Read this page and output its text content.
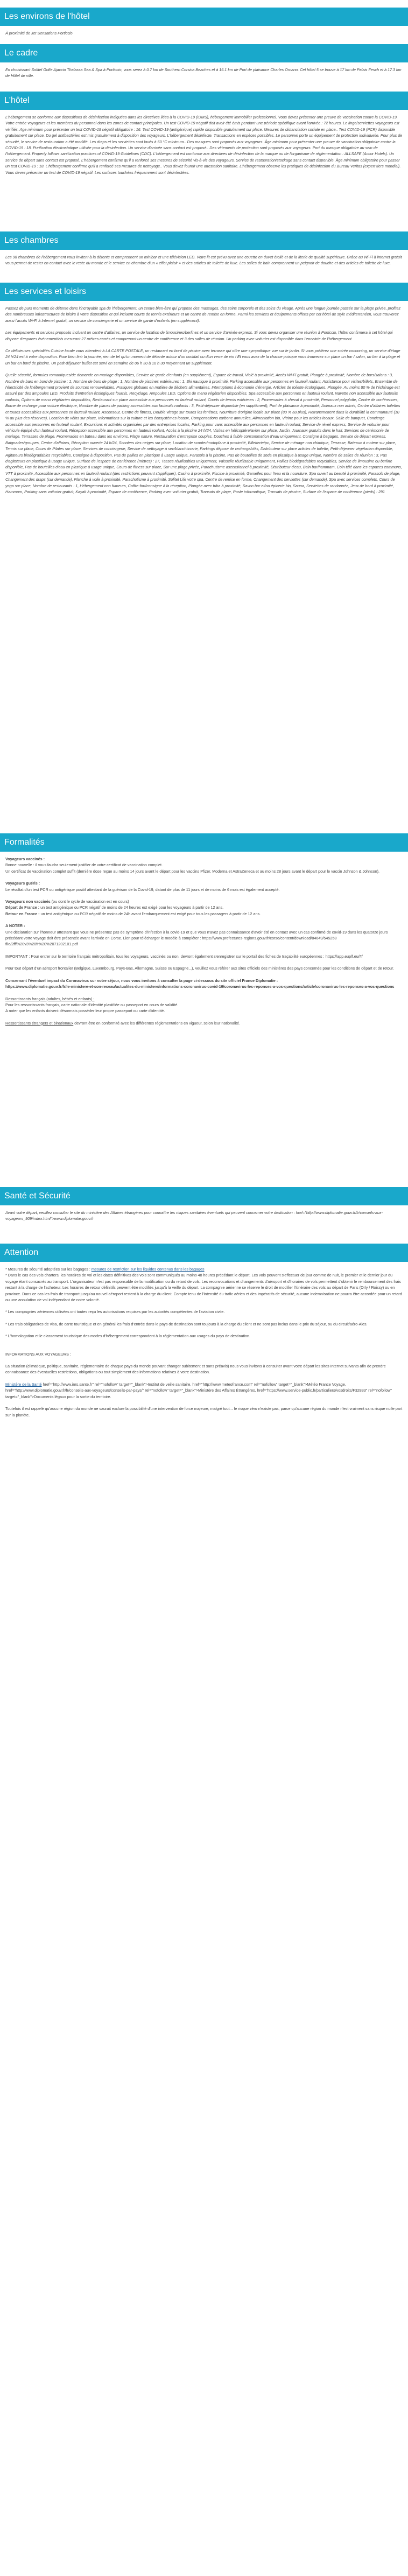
Les environs de l'hôtel

À proximité de Jet Sensations Porticcio

Le cadre

En choisissant Sofitel Golfe Ajaccio Thalassa Sea & Spa à Porticcio, vous serez à 0.7 km de Southern Corsica Beaches et à 16.1 km de Port de plaisance Charles Ornano. Cet hôtel 5 se trouve à 17 km de Palais Fesch et à 17.3 km de Hôtel de ville.

L'hôtel

L'hébergement se conforme aux dispositions de désinfection indiquées dans les directives liées à la COVID-19 (IDMS), hébergement immobilier professionnel. Vous devez présenter une preuve de vaccination contre la COVID-19. Votre entrée voyageurs et les membres du personnel dans les zones de contact principales. Un test COVID-19 négatif doit avoir été émis pendant une période spécifique avant l'arrivée : 72 heures. Le linge/serviettes voyageurs est vérifiés. Age minimum pour présenter un test COVID-19 négatif obligatoire : 16. Test COVID-19 (antigénique) rapide disponible gratuitement sur place. Mesures de distanciation sociale en place.. Test COVID-19 (PCR) disponible gratuitement sur place. Du gel antibactérien est mis gratuitement à disposition des voyageurs. L'hébergement désinfecte. Transactions en espèces possibles. Le personnel porte un équipement de protection individuelle. Pour plus de sécurité, le service de restauration a été modifié. Les draps et les serviettes sont lavés à 60 °C minimum.. Des masques sont proposés aux voyageurs. Âge minimum pour présenter une preuve de vaccination obligatoire contre la COVID-19 : 18. Purification électrostatique utilisée pour la désinfection. Un service d'arrivée sans contact est proposé.. Des vêtements de protection sont proposés aux voyageurs. Port du masque obligatoire au sein de l'hébergement. Property follows sanitization practices of COVID-19 Guidelines (CDC). L'hébergement est conforme aux directives de désinfection de la marque ou de l'organisme de réglementation : ALLSAFE (Accor Hotels). Un service de départ sans contact est proposé. L'hébergement confirme qu'il a renforcé ses mesures de sécurité vis-à-vis des voyageurs. Service de restauration/stockage sans contact disponible. Âge minimum obligatoire pour passer un test COVID-19 : 18. L'hébergement confirme qu'il a renforcé ses mesures de nettoyage.. Vous devez fournir une attestation sanitaire. L'hébergement observe les pratiques de désinfection du Bureau Veritas (expert tiers mondial). Vous devez présenter un test de COVID-19 négatif. Les surfaces touchées fréquemment sont désinfectées.

Les chambres

Les 98 chambres de l'hébergement vous invitent à la détente et comprennent un minibar et une télévision LED. Votre lit est prévu avec une couette en duvet étoilé et de la literie de qualité supérieure. Grâce au Wi-Fi à internet gratuit vous permet de rester en contact avec le reste du monde et le service en chambre d'un « effet plaisir » et des articles de toilette de luxe. Les salles de bain comprennent un peignoir de douche et des articles de toilette de luxe.

Les services et loisirs

Passez de purs moments de détente dans l'incroyable spa de l'hébergement, un centre bien-être qui propose des massages, des soins corporels et des soins du visage. Après une longue journée passée sur la plage privée, profitez des nombreuses infrastructures de loisirs à votre disposition et qui incluent courts de tennis extérieurs et un centre de remise en forme. Parmi les services et équipements offerts par cet hôtel de style méditerranéen, vous trouverez aussi l'accès Wi-Fi à Internet gratuit, un service de conciergerie et un service de garde d'enfants (en supplément).

Les équipements et services proposés incluent un centre d'affaires, un service de location de limousines/berlines et un service d'arrivée express. Si vous devez organiser une réunion à Porticcio, l'hôtel confirmera à cet hôtel qui dispose d'espaces événementiels mesurant 27 mètres carrés et comprenant un centre de conférence et 3 des salles de réunion. Un parking avec voiturier est disponible dans l'enceinte de l'hébergement.

Ce délicieuses spécialités Cuisine locale vous attendent à LA CARTE POSTALE, un restaurant en bord de piscine avec terrasse qui offre une sympathique vue sur le jardin. Si vous préférez une soirée cocooning, un service d'étage 24 h/24 est à votre disposition. Pour bien finir la journée, rien de tel qu'un moment de détente autour d'un cocktail ou d'un verre de vin ! Et vous avez de la chance puisque vous trouverez sur place un bar / salon, un bar à la plage et un bar en bord de piscine. Un petit-déjeuner buffet est servi en semaine de 06 h 30 à 10 h 30 moyennant un supplément.

Quelle sécurité, formules romantiques/de demande en mariage disponibles, Service de garde d'enfants (en supplément), Espace de travail, Violé à proximité, Accès Wi-Fi gratuit, Plongée à proximité, Nombre de bars/salons : 3, Nombre de bars en bord de piscine : 1, Nombre de bars de plage : 1, Nombre de piscines extérieures : 1, Ski nautique à proximité, Parking accessible aux personnes en fauteuil roulant, Assistance pour visites/billets, Ensemble de l'électricité de l'hébergement provient de sources renouvelables, Pratiques globales en matière de déchets alimentaires, Interruptions à économie d'énergie, Articles de toilette écologiques, Plongée, Au moins 80 % de l'éclairage est assuré par des ampoules LED, Produits d'entretien écologiques fournis, Recyclage, Ampoules LED, Options de menu végétarien disponibles, Spa accessible aux personnes en fauteuil roulant, Navette non accessible aux fauteuils roulants, Options de menu végétarien disponibles, Restaurant sur place accessible aux personnes en fauteuil roulant, Courts de tennis extérieurs : 2, Promenades à cheval à proximité, Personnel polyglotte, Centre de conférences, Borne de recharge pour voiture électrique, Nombre de places de parking accessibles aux fauteuils roulants : 3, Petit-déjeuner disponible (en supplément), Port de plaisance à proximité, Animaux non admis, Centre d'affaires toilettes et toutes accessibles aux personnes en fauteuil roulant, Ascenseur, Centre de fitness, Double vitrage sur toutes les fenêtres, Nourriture d'origine locale sur place (80 % au plus), Retransmettent dans la durabilité la communauté (10 % au plus des réserves), Location de vélos sur place, Informations sur la culture et les écosystèmes locaux, Compensations carbone annuelles, Alimentation bio, Vitrine pour les articles locaux, Salle de banquet, Concierge accessible aux personnes en fauteuil roulant, Excursions et activités organisées par des entreprises locales, Parking pour vans accessible aux personnes en fauteuil roulant, Service de réveil express, Service de voiturier pour véhicule équipé d'un fauteuil roulant, Réception accessible aux personnes en fauteuil roulant, Accès à la piscine 24 h/24, Visites en hélicoptère/avion sur place, Jardin, Journaux gratuits dans le hall, Services de cérémonie de mariage, Terrasses de plage, Promenades en bateau dans les environs, Plage nature, Restauration d'entreprise couples, Douches à faible consommation d'eau uniquement, Consigne à bagages, Service de départ express, Baignades/groupes, Centre d'affaires, Réception ouverte 24 h/24, Scooters des neiges sur place, Location de scooter/motoplane à proximité, Billetterie/pc, Service de ménage non chimique, Terrasse, Bateaux à moteur sur place, Tennis sur place, Cours de Pilates sur place, Services de conciergerie, Service de nettoyage à sec/blanchisserie, Parkings dépose de recharge/clés, Distributeur sur place articles de toilette, Petit-déjeuner végétarien disponible, Agitateurs biodégradables recyclables, Consigne à disposition, Pas de pailles en plastique à usage unique, Parasols à la piscine, Pas de bouteilles de soda en plastique à usage unique, Nombre de salles de réunion : 3, Pas d'agitateurs en plastique à usage unique, Surface de l'espace de conférence (mètres) : 27, Tasses réutilisables uniquement, Vaisselle réutilisable uniquement, Pailles biodégradables recyclables, Service de limousine ou berline disponible, Pas de bouteilles d'eau en plastique à usage unique, Cours de fitness sur place, Sur une plage privée, Parachutisme ascensionnel à proximité, Distributeur d'eau, Bain bar/hammam, Coin télé dans les espaces communs, VTT à proximité, Accessible aux personnes en fauteuil roulant (des restrictions peuvent s'appliquer), Casino à proximité, Piscine à proximité, Gamelles pour l'eau et la nourriture, Spa ouvert au beauté à proximité, Parasols de plage, Changement des draps (sur demande), Planche à voile à proximité, Parachutisme à proximité, Sofitel Life votre spa, Centre de remise en forme, Changement des serviettes (sur demande), Spa avec services complets, Cours de yoga sur place, Nombre de restaurants : 1, Hébergement non fumeurs, Coffre-fort/consigne à la réception, Plongée avec tuba à proximité, Savon bar et/ou épicerie bio, Sauna, Serviettes de randonnée, Jeux de bord à proximité, Hammam, Parking sans voiturier gratuit, Kayak à proximité, Espace de conférence, Parking avec voiturier gratuit, Transats de plage, Poste informatique, Transats de piscine, Surface de l'espace de conférence (pieds) : 291

Formalités

Voyageurs vaccinés :
Bonne nouvelle : il vous faudra seulement justifier de votre certificat de vaccination complet.
Un certificat de vaccination complet suffit (dernière dose reçue au moins 14 jours avant le départ pour les vaccins Pfizer, Moderna et AstraZeneca et au moins 28 jours avant le départ pour le vaccin Johnson & Johnson).

Voyageurs guéris :
Le résultat d'un test PCR ou antigénique positif attestant de la guérison de la Covid-19, datant de plus de 11 jours et de moins de 6 mois est également accepté.

Voyageurs non vaccinés (ou dont le cycle de vaccination est en cours)
Départ de France : un test antigénique ou PCR négatif de moins de 24 heures est exigé pour les voyageurs à partir de 12 ans.
Retour en France : un test antigénique ou PCR négatif de moins de 24h avant l'embarquement est exigé pour tous les passagers à partir de 12 ans.

A NOTER :
Une déclaration sur l'honneur attestant que vous ne présentez pas de symptôme d'infection à la covid-19 et que vous n'avez pas connaissance d'avoir été en contact avec un cas confirmé de covid-19 dans les quatorze jours précédant votre voyage doit être présentée avant l'arrivée en Corse. Lien pour télécharger le modèle à compléter : https://www.prefectures-regions.gouv.fr/corse/content/download/84649/545258 file/2fff%20v3%20fr%20%2071202101.pdf

IMPORTANT : Pour entrer sur le territoire français métropolitain, tous les voyageurs, vaccinés ou non, devront également s'enregistrer sur le portail des fiches de traçabilité européennes : https://app.euplf.eu/#/

Pour tout départ d'un aéroport frontalier (Belgique, Luxembourg, Pays-Bas, Allemagne, Suisse ou Espagne...), veuillez vous référer aux sites officiels des ministères des pays concernés pour les conditions de départ et de retour.

Concernant l'éventuel impact du Coronavirus sur votre séjour, nous vous invitons à consulter la page ci-dessous du site officiel France Diplomatie :
https://www.diplomatie.gouv.fr/fr/le-ministere-et-son-reseau/actualites-du-ministere/informations-coronavirus-covid-19/coronavirus-les-reponses-a-vos-questions/article/coronavirus-les-reponses-a-vos-questions

Ressortissants français (adultes, bébés et enfants) :
Pour les ressortissants français, carte nationale d'identité plastifiée ou passeport en cours de validité.
A noter que les enfants doivent désormais posséder leur propre passeport ou carte d'identité.

Ressortissants étrangers et binationaux devront être en conformité avec les différentes réglementations en vigueur, selon leur nationalité.

Santé et Sécurité

Avant votre départ, veuillez consulter le site du ministère des Affaires étrangères pour connaître les risques sanitaires éventuels qui peuvent concerner votre destination : href="http://www.diplomatie.gouv.fr/fr/conseils-aux-voyageurs_909/index.html">www.diplomatie.gouv.fr

Attention

* Mesures de sécurité adoptées sur les bagages : mesures de restriction sur les liquides contenus dans les bagages
* Dans le cas des vols charters, les horaires de vol et les dates définitives des vols sont communiqués au moins 48 heures précédant le départ. Les vols peuvent s'effectuer de jour comme de nuit, le premier et le dernier jour du voyage étant consacrés au transport. L'organisateur n'est pas responsable de la modification ou du retard de vols. Les reconvocations et changements d'aéroport et d'horaires de vols permettent d'obtenir le remboursement des frais restant à la charge de l'acheteur. Les horaires de retour définitifs peuvent être modifiés jusqu'à la veille du départ. La compagnie aérienne se réserve le droit de modifier l'itinéraire des vols au départ de Paris (Orly / Roissy) ou en province. Dans ce cas les frais de transport jusqu'au nouvel aéroport restent à la charge du client. Compte tenu de l'intensité du trafic aérien et des impératifs de sécurité, aucune indemnisation ne pourra être accordée pour un retard ou une annulation de vol indépendant de notre volonté.

* Les compagnies aériennes utilisées ont toutes reçu les autorisations requises par les autorités compétentes de l'aviation civile.

* Les trais obligatoires de visa, de carte touristique et en général les frais d'entrée dans le pays de destination sont toujours à la charge du client et ne sont pas inclus dans le prix du séjour, ou du circuit/aéro-Ales.

* L'homologation et le classement touristique des modes d'hébergement correspondent à la réglementation aux usages du pays de destination.

INFORMATIONS AUX VOYAGEURS :

La situation (climatique, politique, sanitaire, réglementaire de chaque pays du monde pouvant changer subitement et sans préavis) nous vous invitons à consulter avant votre départ les sites Internet suivants afin de prendre connaissance des éventuelles restrictions, obligations ou tout simplement des informations relatives à votre destination.

Ministère de la Santé href="http://www.inrs.sante.fr" rel="nofollow" target="_blank">Institut de veille sanitaire, href="http://www.meteofrance.com" rel="nofollow" target="_blank">Météo France Voyage, href="http://www.diplomatie.gouv.fr/fr/conseils-aux-voyageurs/conseils-par-pays/" rel="nofollow" target="_blank">Ministère des Affaires Étrangères, href="https://www.service-public.fr/particuliers/vosdroits/F32833" rel="nofollow" target="_blank">Documents légaux pour la sortie du territoire.

Toutefois il est rappelé qu'aucune région du monde ne saurait exclure la possibilité d'une intervention de force majeure, malgré tout... le risque zéro n'existe pas, parce qu'aucune région du monde n'est vraiment sans risque nulle part sur la planète.
